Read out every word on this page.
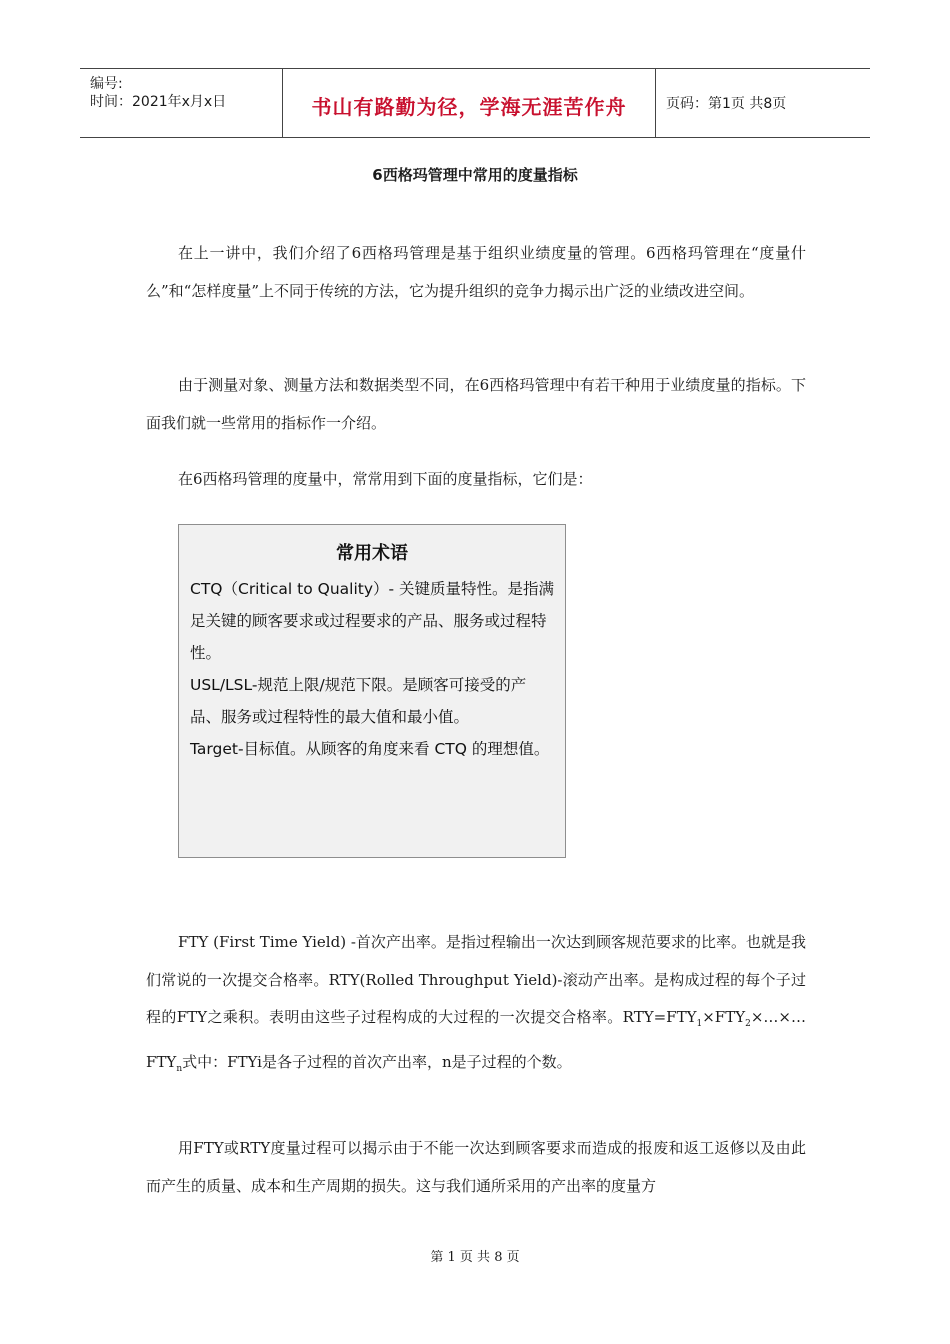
编号:
时间：2021年x月x日	书山有路勤为径，学海无涯苦作舟	页码：第1页 共8页
6西格玛管理中常用的度量指标

在上一讲中，我们介绍了6西格玛管理是基于组织业绩度量的管理。6西格玛管理在“度量什么”和“怎样度量”上不同于传统的方法，它为提升组织的竞争力揭示出广泛的业绩改进空间。

由于测量对象、测量方法和数据类型不同，在6西格玛管理中有若干种用于业绩度量的指标。下面我们就一些常用的指标作一介绍。

在6西格玛管理的度量中，常常用到下面的度量指标，它们是：

常用术语

CTQ（Critical to Quality）- 关键质量特性。是指满足关键的顾客要求或过程要求的产品、服务或过程特性。

USL/LSL-规范上限/规范下限。是顾客可接受的产品、服务或过程特性的最大值和最小值。

Target-目标值。从顾客的角度来看 CTQ 的理想值。

FTY (First Time Yield) -首次产出率。是指过程输出一次达到顾客规范要求的比率。也就是我们常说的一次提交合格率。RTY(Rolled Throughput Yield)-滚动产出率。是构成过程的每个子过程的FTY之乘积。表明由这些子过程构成的大过程的一次提交合格率。$RTY=FTY_1\times FTY_2\times\dots\times\dots FTY_n$式中：FTYi是各子过程的首次产出率，n是子过程的个数。

用FTY或RTY度量过程可以揭示由于不能一次达到顾客要求而造成的报废和返工返修以及由此而产生的质量、成本和生产周期的损失。这与我们通所采用的产出率的度量方

第 1 页 共 8 页
